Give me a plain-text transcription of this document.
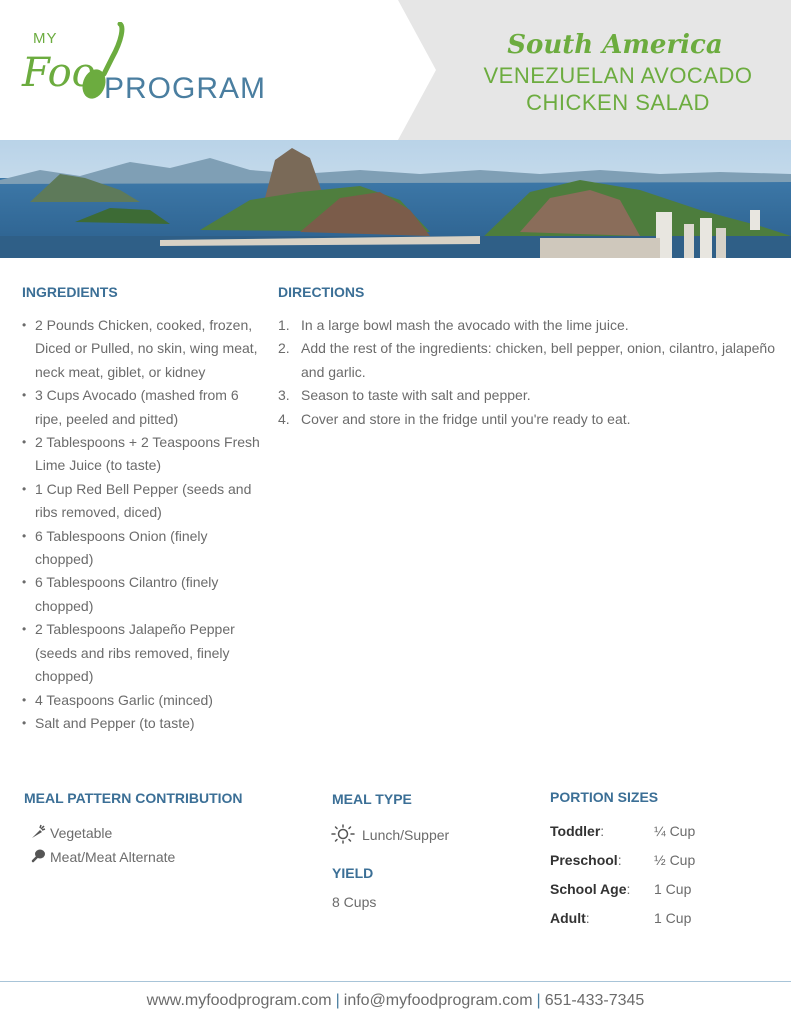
MY
Foo PROGRAM
South America
VENEZUELAN AVOCADO
CHICKEN SALAD
INGREDIENTS
• 2 Pounds Chicken, cooked, frozen, Diced or Pulled, no skin, wing meat, neck meat, giblet, or kidney
• 3 Cups Avocado (mashed from 6 ripe, peeled and pitted)
• 2 Tablespoons + 2 Teaspoons Fresh Lime Juice (to taste)
• 1 Cup Red Bell Pepper (seeds and ribs removed, diced)
• 6 Tablespoons Onion (finely chopped)
• 6 Tablespoons Cilantro (finely chopped)
• 2 Tablespoons Jalapeño Pepper (seeds and ribs removed, finely chopped)
• 4 Teaspoons Garlic (minced)
• Salt and Pepper (to taste)
DIRECTIONS
1. In a large bowl mash the avocado with the lime juice.
2. Add the rest of the ingredients: chicken, bell pepper, onion, cilantro, jalapeño and garlic.
3. Season to taste with salt and pepper.
4. Cover and store in the fridge until you're ready to eat.
MEAL PATTERN CONTRIBUTION
Vegetable
Meat/Meat Alternate
MEAL TYPE
Lunch/Supper
YIELD
8 Cups
PORTION SIZES
Toddler:	¼ Cup
Preschool: ½ Cup
School Age: 1 Cup
Adult:	1 Cup
www.myfoodprogram.com | info@myfoodprogram.com | 651-433-7345
